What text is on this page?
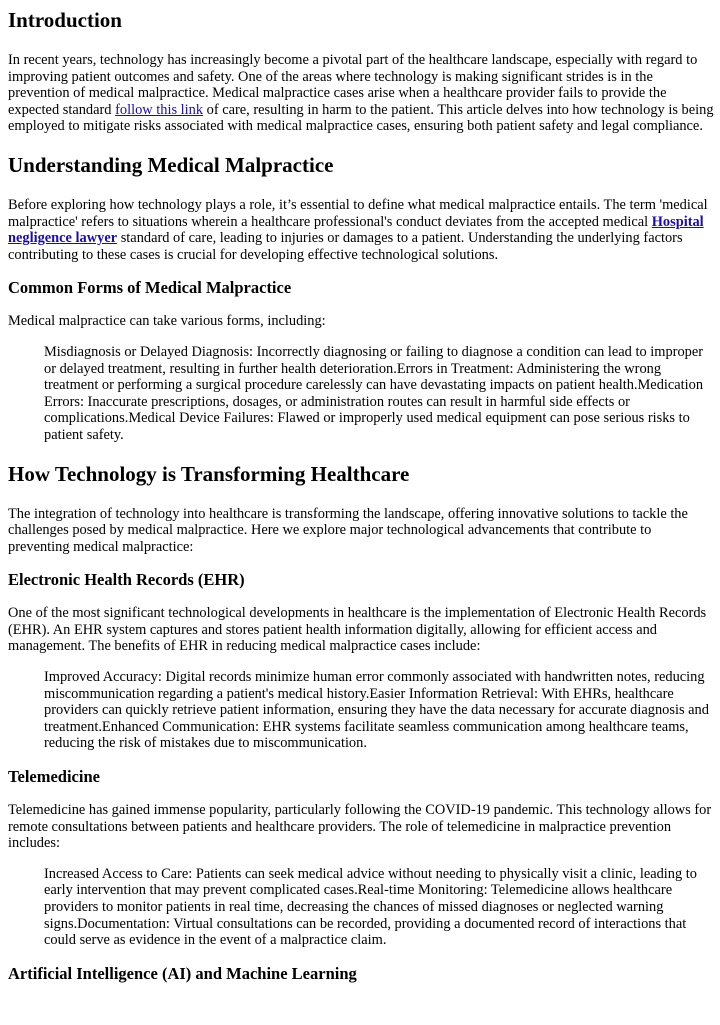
Introduction

In recent years, technology has increasingly become a pivotal part of the healthcare landscape, especially with regard to improving patient outcomes and safety. One of the areas where technology is making significant strides is in the prevention of medical malpractice. Medical malpractice cases arise when a healthcare provider fails to provide the expected standard follow this link of care, resulting in harm to the patient. This article delves into how technology is being employed to mitigate risks associated with medical malpractice cases, ensuring both patient safety and legal compliance.

Understanding Medical Malpractice

Before exploring how technology plays a role, it’s essential to define what medical malpractice entails. The term 'medical malpractice' refers to situations wherein a healthcare professional's conduct deviates from the accepted medical Hospital negligence lawyer standard of care, leading to injuries or damages to a patient. Understanding the underlying factors contributing to these cases is crucial for developing effective technological solutions.

Common Forms of Medical Malpractice

Medical malpractice can take various forms, including:

Misdiagnosis or Delayed Diagnosis: Incorrectly diagnosing or failing to diagnose a condition can lead to improper or delayed treatment, resulting in further health deterioration.Errors in Treatment: Administering the wrong treatment or performing a surgical procedure carelessly can have devastating impacts on patient health.Medication Errors: Inaccurate prescriptions, dosages, or administration routes can result in harmful side effects or complications.Medical Device Failures: Flawed or improperly used medical equipment can pose serious risks to patient safety.
How Technology is Transforming Healthcare

The integration of technology into healthcare is transforming the landscape, offering innovative solutions to tackle the challenges posed by medical malpractice. Here we explore major technological advancements that contribute to preventing medical malpractice:

Electronic Health Records (EHR)

One of the most significant technological developments in healthcare is the implementation of Electronic Health Records (EHR). An EHR system captures and stores patient health information digitally, allowing for efficient access and management. The benefits of EHR in reducing medical malpractice cases include:

Improved Accuracy: Digital records minimize human error commonly associated with handwritten notes, reducing miscommunication regarding a patient's medical history.Easier Information Retrieval: With EHRs, healthcare providers can quickly retrieve patient information, ensuring they have the data necessary for accurate diagnosis and treatment.Enhanced Communication: EHR systems facilitate seamless communication among healthcare teams, reducing the risk of mistakes due to miscommunication.
Telemedicine

Telemedicine has gained immense popularity, particularly following the COVID-19 pandemic. This technology allows for remote consultations between patients and healthcare providers. The role of telemedicine in malpractice prevention includes:

Increased Access to Care: Patients can seek medical advice without needing to physically visit a clinic, leading to early intervention that may prevent complicated cases.Real-time Monitoring: Telemedicine allows healthcare providers to monitor patients in real time, decreasing the chances of missed diagnoses or neglected warning signs.Documentation: Virtual consultations can be recorded, providing a documented record of interactions that could serve as evidence in the event of a malpractice claim.
Artificial Intelligence (AI) and Machine Learning
